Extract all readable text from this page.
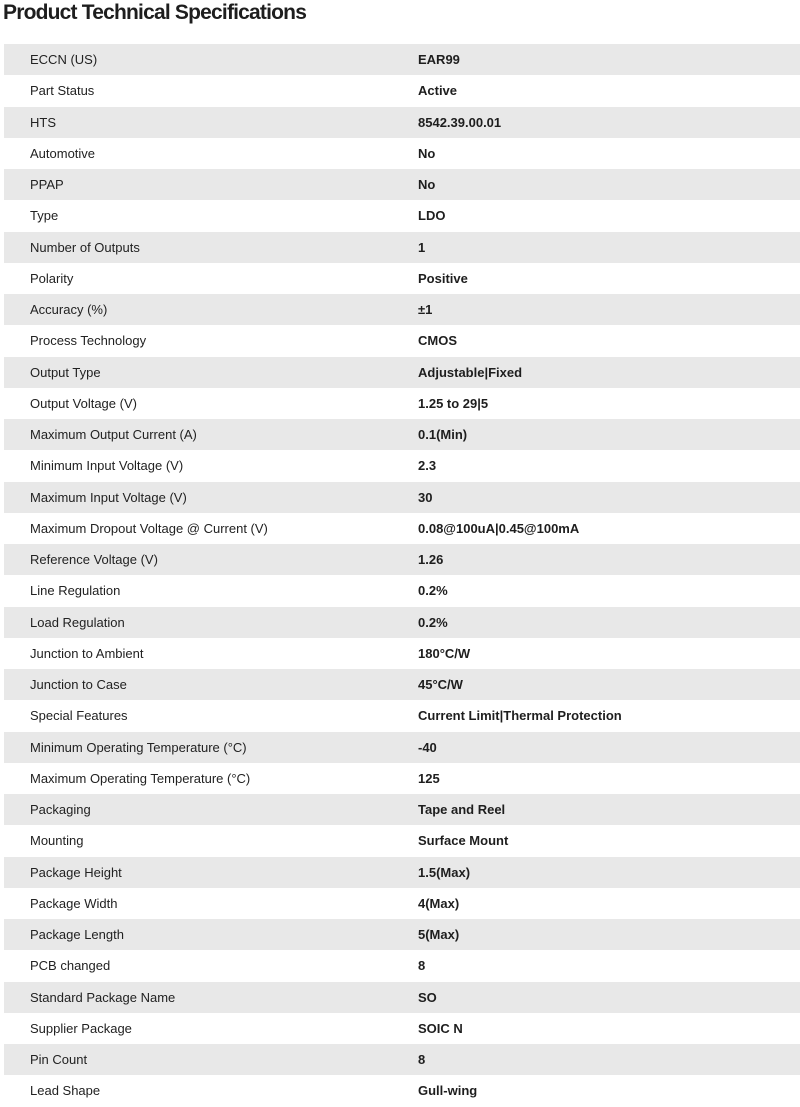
Product Technical Specifications
ECCN (US)	EAR99
Part Status	Active
HTS	8542.39.00.01
Automotive	No
PPAP	No
Type	LDO
Number of Outputs	1
Polarity	Positive
Accuracy (%)	±1
Process Technology	CMOS
Output Type	Adjustable|Fixed
Output Voltage (V)	1.25 to 29|5
Maximum Output Current (A)	0.1(Min)
Minimum Input Voltage (V)	2.3
Maximum Input Voltage (V)	30
Maximum Dropout Voltage @ Current (V)	0.08@100uA|0.45@100mA
Reference Voltage (V)	1.26
Line Regulation	0.2%
Load Regulation	0.2%
Junction to Ambient	180°C/W
Junction to Case	45°C/W
Special Features	Current Limit|Thermal Protection
Minimum Operating Temperature (°C)	-40
Maximum Operating Temperature (°C)	125
Packaging	Tape and Reel
Mounting	Surface Mount
Package Height	1.5(Max)
Package Width	4(Max)
Package Length	5(Max)
PCB changed	8
Standard Package Name	SO
Supplier Package	SOIC N
Pin Count	8
Lead Shape	Gull-wing
